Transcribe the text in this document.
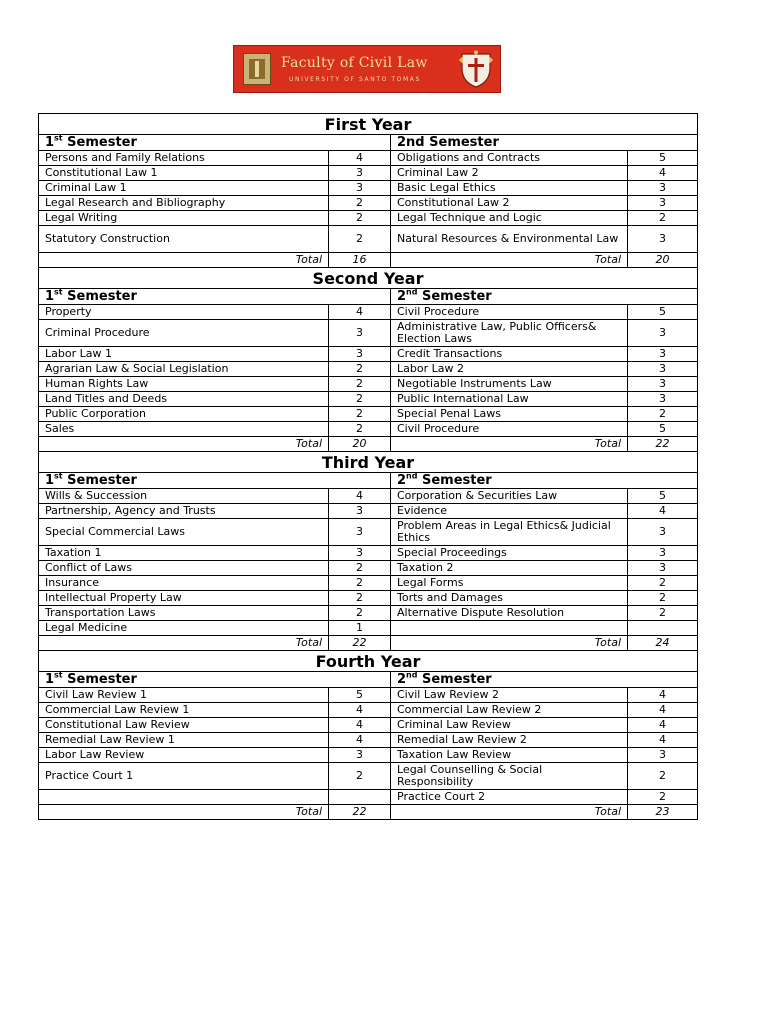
Faculty of Civil Law
UNIVERSITY OF SANTO TOMAS
First Year			
1st Semester		2nd Semester	
Persons and Family Relations	4	Obligations and Contracts	5
Constitutional Law 1	3	Criminal Law 2	4
Criminal Law 1	3	Basic Legal Ethics	3
Legal Research and Bibliography	2	Constitutional Law 2	3
Legal Writing	2	Legal Technique and Logic	2
Statutory Construction	2	Natural Resources & Environmental Law	3
Total	16	Total	20
Second Year			
1st Semester		2nd Semester	
Property	4	Civil Procedure	5
Criminal Procedure	3	Administrative Law, Public Officers& Election Laws	3
Labor Law 1	3	Credit Transactions	3
Agrarian Law & Social Legislation	2	Labor Law 2	3
Human Rights Law	2	Negotiable Instruments Law	3
Land Titles and Deeds	2	Public International Law	3
Public Corporation	2	Special Penal Laws	2
Sales	2	Civil Procedure	5
Total	20	Total	22
Third Year			
1st Semester		2nd Semester	
Wills & Succession	4	Corporation & Securities Law	5
Partnership, Agency and Trusts	3	Evidence	4
Special Commercial Laws	3	Problem Areas in Legal Ethics& Judicial Ethics	3
Taxation 1	3	Special Proceedings	3
Conflict of Laws	2	Taxation 2	3
Insurance	2	Legal Forms	2
Intellectual Property Law	2	Torts and Damages	2
Transportation Laws	2	Alternative Dispute Resolution	2
Legal Medicine	1		
Total	22	Total	24
Fourth Year			
1st Semester		2nd Semester	
Civil Law Review 1	5	Civil Law Review 2	4
Commercial Law Review 1	4	Commercial Law Review 2	4
Constitutional Law Review	4	Criminal Law Review	4
Remedial Law Review 1	4	Remedial Law Review 2	4
Labor Law Review	3	Taxation Law Review	3
Practice Court 1	2	Legal Counselling & Social Responsibility	2
		Practice Court 2	2
Total	22	Total	23
